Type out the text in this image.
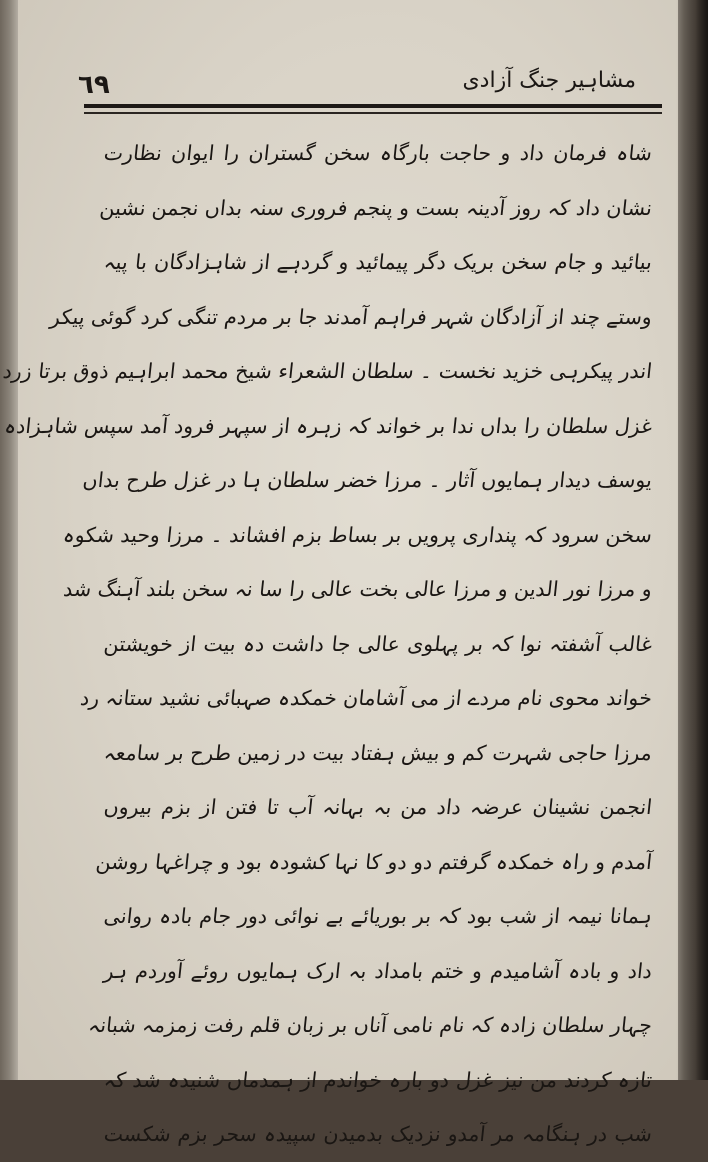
٦٩	مشاہیر جنگ آزادی
شاہ فرمان داد و حاجت بارگاہ سخن گستران را ایوان نظارت
نشان داد کہ روز آدینہ بست و پنجم فروری سنہ بداں نجمن نشین
بیائید و جام سخن بریک دگر پیمائید و گردہے از شاہزادگان با پیہ
وستے چند از آزادگان شہر فراہم آمدند جا بر مردم تنگی کرد گوئی پیکر
اندر پیکرہی خزید نخست ۔ سلطان الشعراء شیخ محمد ابراہیم ذوق برتا زرد
غزل سلطان را بداں ندا بر خواند کہ زہرہ از سپہر فرود آمد سپس شاہزادہ
یوسف دیدار ہمایوں آثار ۔ مرزا خضر سلطان ہا در غزل طرح بداں
سخن سرود کہ پنداری پرویں بر بساط بزم افشاند ۔ مرزا وحید شکوہ
و مرزا نور الدین و مرزا عالی بخت عالی را سا نہ سخن بلند آہنگ شد
غالب آشفتہ نوا کہ بر پہلوی عالی جا داشت دہ بیت از خویشتن
خواند محوی نام مردے از می آشامان خمکدہ صہبائی نشید ستانہ رد
مرزا حاجی شہرت کم و بیش ہفتاد بیت در زمین طرح بر سامعہ
انجمن نشینان عرضہ داد من بہ بہانہ آب تا فتن از بزم بیروں
آمدم و راہ خمکدہ گرفتم دو دو کا نہا کشودہ بود و چراغہا روشن
ہمانا نیمہ از شب بود کہ بر بوریائے بے نوائی دور جام بادہ روانی
داد و بادہ آشامیدم و ختم بامداد بہ ارک ہمایوں روئے آوردم ہر
چہار سلطان زادہ کہ نام نامی آناں بر زبان قلم رفت زمزمہ شبانہ
تازہ کردند من نیز غزل دو بارہ خواندم از ہمدماں شنیدہ شد کہ
شب در ہنگامہ مر آمدو نزدیک بدمیدن سپیدہ سحر بزم شکست
